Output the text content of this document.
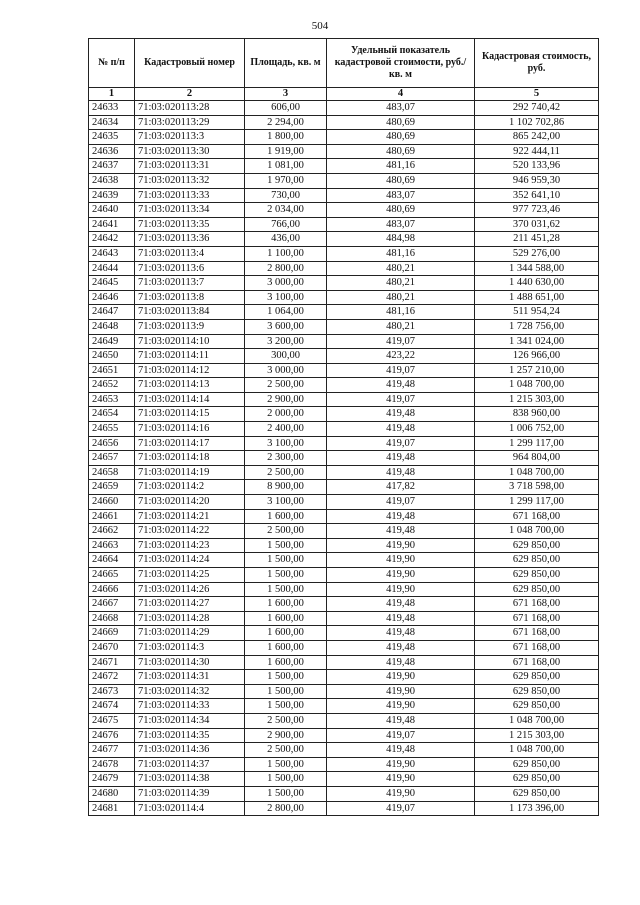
504
№ п/п	Кадастровый номер	Площадь, кв. м	Удельный показатель кадастровой стоимости, руб./кв. м	Кадастровая стоимость, руб.
1	2	3	4	5
24633	71:03:020113:28	606,00	483,07	292 740,42
24634	71:03:020113:29	2 294,00	480,69	1 102 702,86
24635	71:03:020113:3	1 800,00	480,69	865 242,00
24636	71:03:020113:30	1 919,00	480,69	922 444,11
24637	71:03:020113:31	1 081,00	481,16	520 133,96
24638	71:03:020113:32	1 970,00	480,69	946 959,30
24639	71:03:020113:33	730,00	483,07	352 641,10
24640	71:03:020113:34	2 034,00	480,69	977 723,46
24641	71:03:020113:35	766,00	483,07	370 031,62
24642	71:03:020113:36	436,00	484,98	211 451,28
24643	71:03:020113:4	1 100,00	481,16	529 276,00
24644	71:03:020113:6	2 800,00	480,21	1 344 588,00
24645	71:03:020113:7	3 000,00	480,21	1 440 630,00
24646	71:03:020113:8	3 100,00	480,21	1 488 651,00
24647	71:03:020113:84	1 064,00	481,16	511 954,24
24648	71:03:020113:9	3 600,00	480,21	1 728 756,00
24649	71:03:020114:10	3 200,00	419,07	1 341 024,00
24650	71:03:020114:11	300,00	423,22	126 966,00
24651	71:03:020114:12	3 000,00	419,07	1 257 210,00
24652	71:03:020114:13	2 500,00	419,48	1 048 700,00
24653	71:03:020114:14	2 900,00	419,07	1 215 303,00
24654	71:03:020114:15	2 000,00	419,48	838 960,00
24655	71:03:020114:16	2 400,00	419,48	1 006 752,00
24656	71:03:020114:17	3 100,00	419,07	1 299 117,00
24657	71:03:020114:18	2 300,00	419,48	964 804,00
24658	71:03:020114:19	2 500,00	419,48	1 048 700,00
24659	71:03:020114:2	8 900,00	417,82	3 718 598,00
24660	71:03:020114:20	3 100,00	419,07	1 299 117,00
24661	71:03:020114:21	1 600,00	419,48	671 168,00
24662	71:03:020114:22	2 500,00	419,48	1 048 700,00
24663	71:03:020114:23	1 500,00	419,90	629 850,00
24664	71:03:020114:24	1 500,00	419,90	629 850,00
24665	71:03:020114:25	1 500,00	419,90	629 850,00
24666	71:03:020114:26	1 500,00	419,90	629 850,00
24667	71:03:020114:27	1 600,00	419,48	671 168,00
24668	71:03:020114:28	1 600,00	419,48	671 168,00
24669	71:03:020114:29	1 600,00	419,48	671 168,00
24670	71:03:020114:3	1 600,00	419,48	671 168,00
24671	71:03:020114:30	1 600,00	419,48	671 168,00
24672	71:03:020114:31	1 500,00	419,90	629 850,00
24673	71:03:020114:32	1 500,00	419,90	629 850,00
24674	71:03:020114:33	1 500,00	419,90	629 850,00
24675	71:03:020114:34	2 500,00	419,48	1 048 700,00
24676	71:03:020114:35	2 900,00	419,07	1 215 303,00
24677	71:03:020114:36	2 500,00	419,48	1 048 700,00
24678	71:03:020114:37	1 500,00	419,90	629 850,00
24679	71:03:020114:38	1 500,00	419,90	629 850,00
24680	71:03:020114:39	1 500,00	419,90	629 850,00
24681	71:03:020114:4	2 800,00	419,07	1 173 396,00
